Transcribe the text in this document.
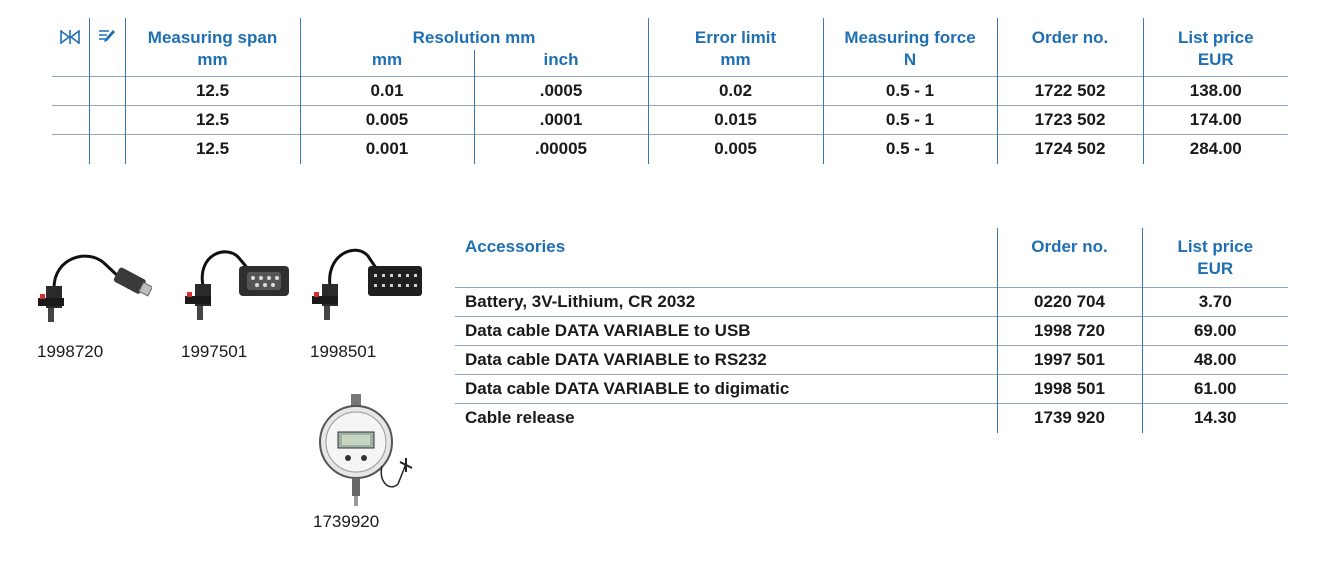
		Measuring span	Resolution mm		Error limit	Measuring force	Order no.	List price
		mm	mm	inch	mm	N		EUR
		12.5	0.01	.0005	0.02	0.5 - 1	1722 502	138.00
		12.5	0.005	.0001	0.015	0.5 - 1	1723 502	174.00
		12.5	0.001	.00005	0.005	0.5 - 1	1724 502	284.00
1998720	1997501	1998501
1739920
Accessories	Order no.	List price
		EUR
Battery, 3V-Lithium, CR 2032	0220 704	3.70
Data cable DATA VARIABLE to USB	1998 720	69.00
Data cable DATA VARIABLE to RS232	1997 501	48.00
Data cable DATA VARIABLE to digimatic	1998 501	61.00
Cable release	1739 920	14.30
